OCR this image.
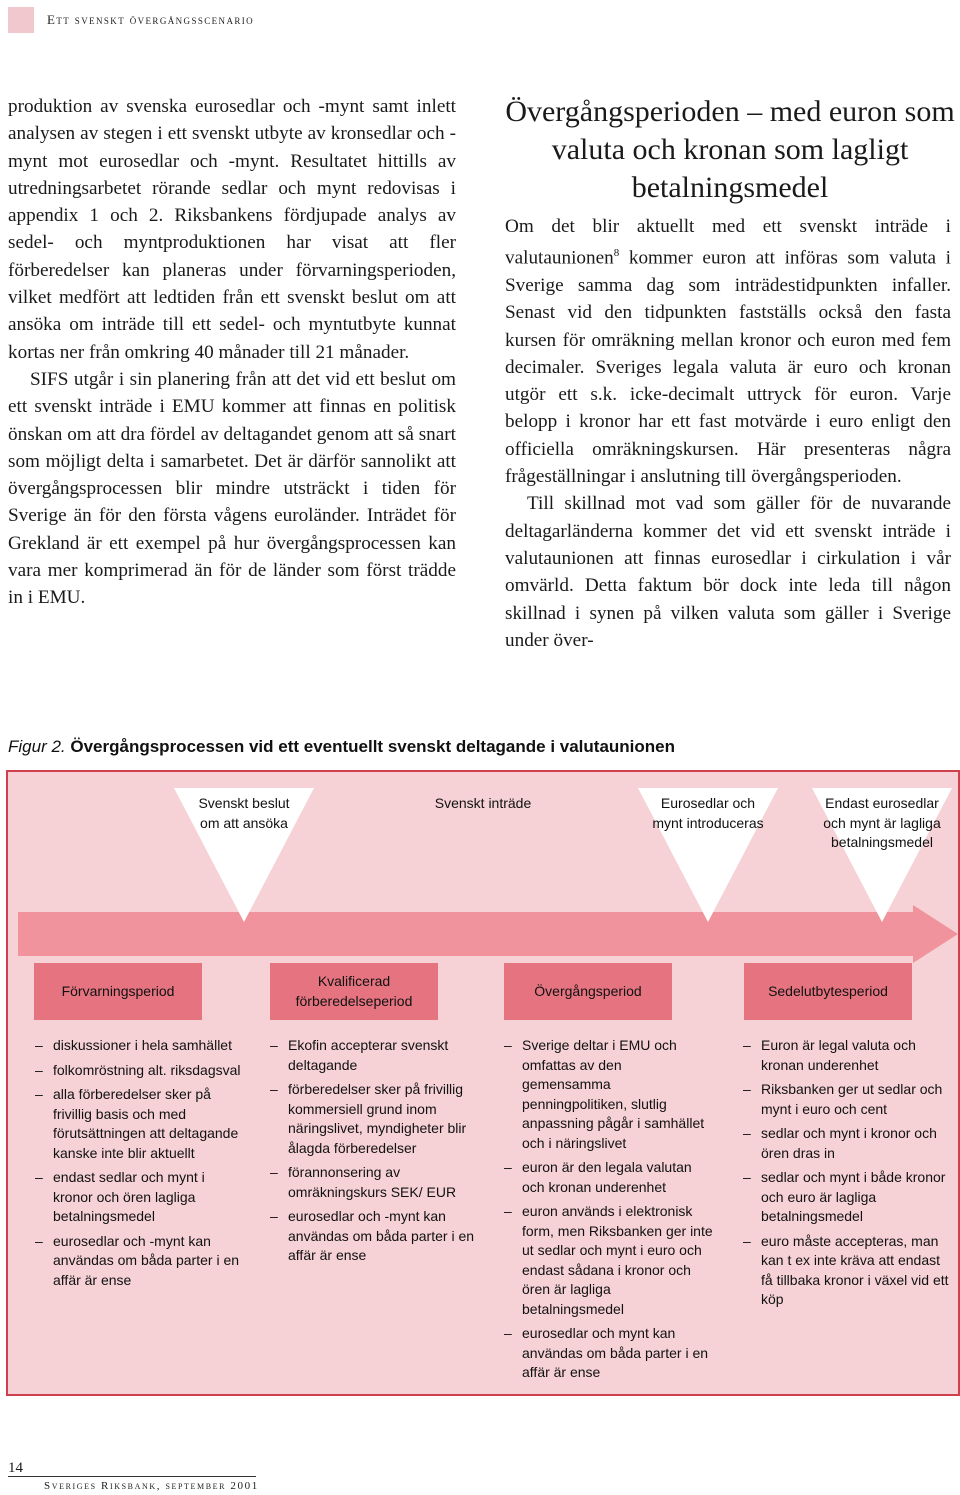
Ett svenskt övergångsscenario

produktion av svenska eurosedlar och -mynt samt inlett analysen av stegen i ett svenskt utbyte av kronsedlar och -mynt mot eurosedlar och -mynt. Resultatet hittills av utredningsarbetet rörande sedlar och mynt redovisas i appendix 1 och 2. Riksbankens fördjupade analys av sedel- och myntproduktionen har visat att fler förberedelser kan planeras under förvarningsperioden, vilket medfört att ledtiden från ett svenskt beslut om att ansöka om inträde till ett sedel- och myntutbyte kunnat kortas ner från omkring 40 månader till 21 månader.

SIFS utgår i sin planering från att det vid ett beslut om ett svenskt inträde i EMU kommer att finnas en politisk önskan om att dra fördel av deltagandet genom att så snart som möjligt delta i samarbetet. Det är därför sannolikt att övergångsprocessen blir mindre utsträckt i tiden för Sverige än för den första vågens euroländer. Inträdet för Grekland är ett exempel på hur övergångsprocessen kan vara mer komprimerad än för de länder som först trädde in i EMU.

Övergångsperioden – med euron som valuta och kronan som lagligt betalningsmedel

Om det blir aktuellt med ett svenskt inträde i valutaunionen$^8$ kommer euron att införas som valuta i Sverige samma dag som inträdestidpunkten infaller. Senast vid den tidpunkten fastställs också den fasta kursen för omräkning mellan kronor och euron med fem decimaler. Sveriges legala valuta är euro och kronan utgör ett s.k. icke-decimalt uttryck för euron. Varje belopp i kronor har ett fast motvärde i euro enligt den officiella omräkningskursen. Här presenteras några frågeställningar i anslutning till övergångsperioden.

Till skillnad mot vad som gäller för de nuvarande deltagarländerna kommer det vid ett svenskt inträde i valutaunionen att finnas eurosedlar i cirkulation i vår omvärld. Detta faktum bör dock inte leda till någon skillnad i synen på vilken valuta som gäller i Sverige under över-

Figur 2. Övergångsprocessen vid ett eventuellt svenskt deltagande i valutaunionen
Svenskt beslut om att ansöka
Svenskt inträde	Eurosedlar och mynt introduceras
Endast eurosedlar och mynt är lagliga betalningsmedel
Förvarningsperiod
Kvalificerad förberedelseperiod
Övergångsperiod	Sedelutbytesperiod
– diskussioner i hela samhället
– folkomröstning alt. riksdagsval
– alla förberedelser sker på frivillig basis och med förutsättningen att deltagande kanske inte blir aktuellt
– endast sedlar och mynt i kronor och ören lagliga betalningsmedel
– eurosedlar och -mynt kan användas om båda parter i en affär är ense
– Ekofin accepterar svenskt deltagande
– förberedelser sker på frivillig kommersiell grund inom näringslivet, myndigheter blir ålagda förberedelser
– förannonsering av omräkningskurs SEK/ EUR
– eurosedlar och -mynt kan användas om båda parter i en affär är ense
– Sverige deltar i EMU och omfattas av den gemensamma penningpolitiken, slutlig anpassning pågår i samhället och i näringslivet
– euron är den legala valutan och kronan underenhet
– euron används i elektronisk form, men Riksbanken ger inte ut sedlar och mynt i euro och endast sådana i kronor och ören är lagliga betalningsmedel
– eurosedlar och mynt kan användas om båda parter i en affär är ense
– Euron är legal valuta och kronan underenhet
– Riksbanken ger ut sedlar och mynt i euro och cent
– sedlar och mynt i kronor och ören dras in
– sedlar och mynt i både kronor och euro är lagliga betalningsmedel
– euro måste accepteras, man kan t ex inte kräva att endast få tillbaka kronor i växel vid ett köp
14
Sveriges Riksbank, september 2001
